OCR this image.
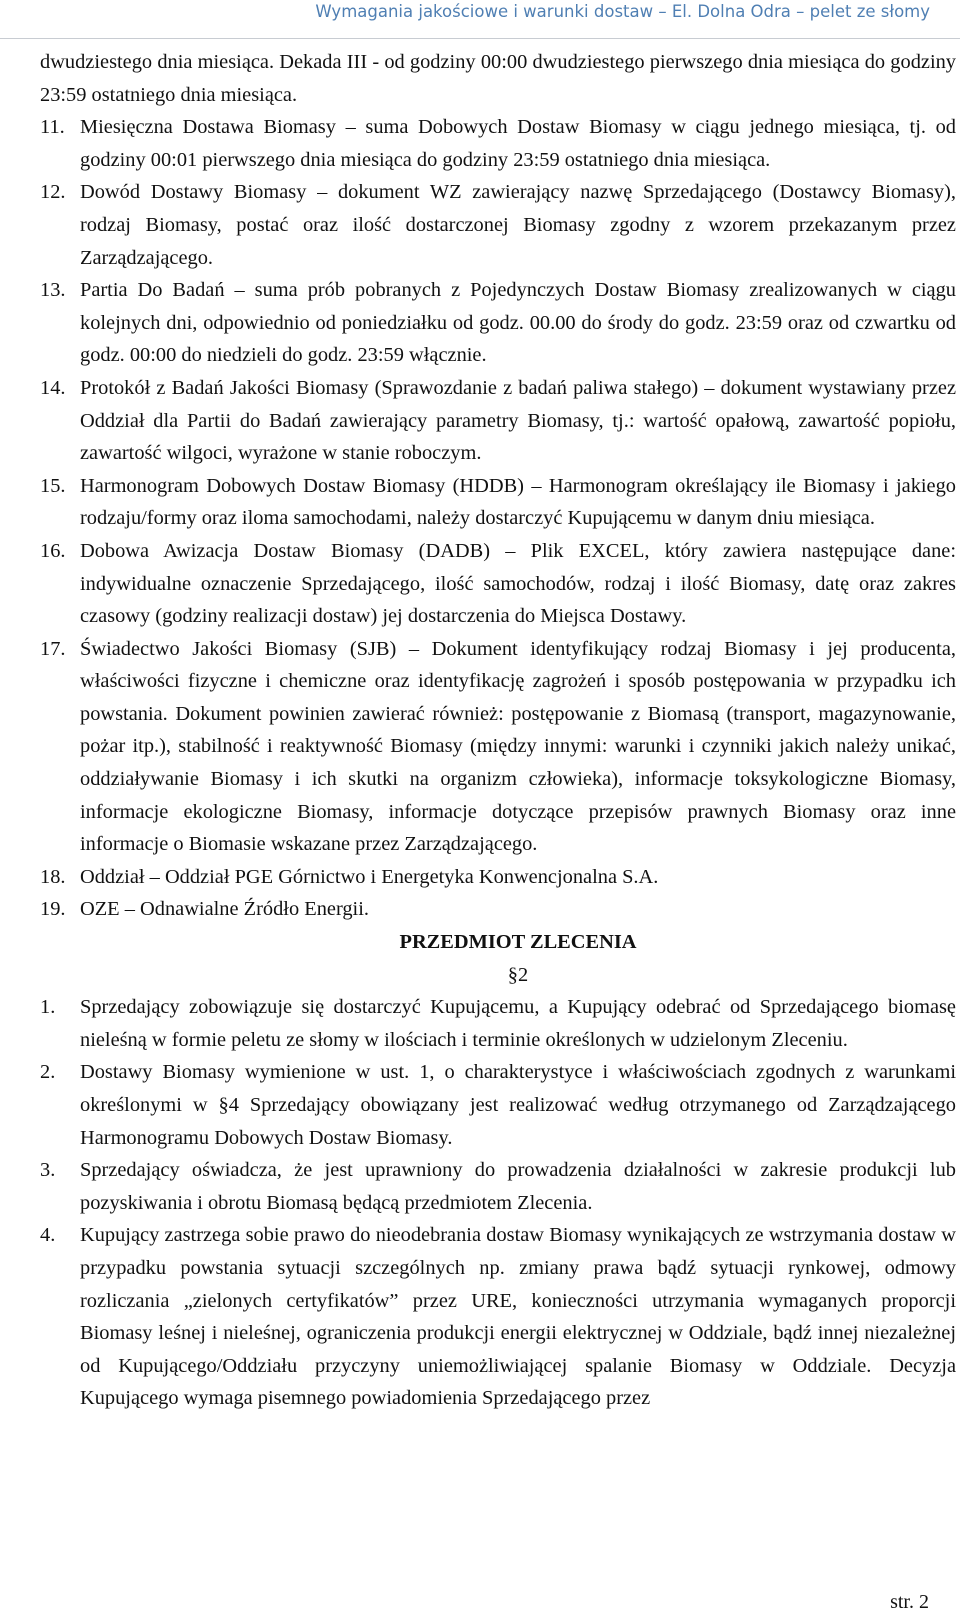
Wymagania jakościowe i warunki dostaw – El. Dolna Odra – pelet ze słomy

dwudziestego dnia miesiąca. Dekada III - od godziny 00:00 dwudziestego pierwszego dnia miesiąca do godziny 23:59 ostatniego dnia miesiąca.

11. Miesięczna Dostawa Biomasy – suma Dobowych Dostaw Biomasy w ciągu jednego miesiąca, tj. od godziny 00:01 pierwszego dnia miesiąca do godziny 23:59 ostatniego dnia miesiąca.
12. Dowód Dostawy Biomasy – dokument WZ zawierający nazwę Sprzedającego (Dostawcy Biomasy), rodzaj Biomasy, postać oraz ilość dostarczonej Biomasy zgodny z wzorem przekazanym przez Zarządzającego.
13. Partia Do Badań – suma prób pobranych z Pojedynczych Dostaw Biomasy zrealizowanych w ciągu kolejnych dni, odpowiednio od poniedziałku od godz. 00.00 do środy do godz. 23:59 oraz od czwartku od godz. 00:00 do niedzieli do godz. 23:59 włącznie.
14. Protokół z Badań Jakości Biomasy (Sprawozdanie z badań paliwa stałego) – dokument wystawiany przez Oddział dla Partii do Badań zawierający parametry Biomasy, tj.: wartość opałową, zawartość popiołu, zawartość wilgoci, wyrażone w stanie roboczym.
15. Harmonogram Dobowych Dostaw Biomasy (HDDB) – Harmonogram określający ile Biomasy i jakiego rodzaju/formy oraz iloma samochodami, należy dostarczyć Kupującemu w danym dniu miesiąca.
16. Dobowa Awizacja Dostaw Biomasy (DADB) – Plik EXCEL, który zawiera następujące dane: indywidualne oznaczenie Sprzedającego, ilość samochodów, rodzaj i ilość Biomasy, datę oraz zakres czasowy (godziny realizacji dostaw) jej dostarczenia do Miejsca Dostawy.
17. Świadectwo Jakości Biomasy (SJB) – Dokument identyfikujący rodzaj Biomasy i jej producenta, właściwości fizyczne i chemiczne oraz identyfikację zagrożeń i sposób postępowania w przypadku ich powstania. Dokument powinien zawierać również: postępowanie z Biomasą (transport, magazynowanie, pożar itp.), stabilność i reaktywność Biomasy (między innymi: warunki i czynniki jakich należy unikać, oddziaływanie Biomasy i ich skutki na organizm człowieka), informacje toksykologiczne Biomasy, informacje ekologiczne Biomasy, informacje dotyczące przepisów prawnych Biomasy oraz inne informacje o Biomasie wskazane przez Zarządzającego.
18. Oddział – Oddział PGE Górnictwo i Energetyka Konwencjonalna S.A.
19. OZE – Odnawialne Źródło Energii.

PRZEDMIOT ZLECENIA

§2

1. Sprzedający zobowiązuje się dostarczyć Kupującemu, a Kupujący odebrać od Sprzedającego biomasę nieleśną w formie peletu ze słomy w ilościach i terminie określonych w udzielonym Zleceniu.
2. Dostawy Biomasy wymienione w ust. 1, o charakterystyce i właściwościach zgodnych z warunkami określonymi w §4 Sprzedający obowiązany jest realizować według otrzymanego od Zarządzającego Harmonogramu Dobowych Dostaw Biomasy.
3. Sprzedający oświadcza, że jest uprawniony do prowadzenia działalności w zakresie produkcji lub pozyskiwania i obrotu Biomasą będącą przedmiotem Zlecenia.
4. Kupujący zastrzega sobie prawo do nieodebrania dostaw Biomasy wynikających ze wstrzymania dostaw w przypadku powstania sytuacji szczególnych np. zmiany prawa bądź sytuacji rynkowej, odmowy rozliczania „zielonych certyfikatów” przez URE, konieczności utrzymania wymaganych proporcji Biomasy leśnej i nieleśnej, ograniczenia produkcji energii elektrycznej w Oddziale, bądź innej niezależnej od Kupującego/Oddziału przyczyny uniemożliwiającej spalanie Biomasy w Oddziale. Decyzja Kupującego wymaga pisemnego powiadomienia Sprzedającego przez
str. 2
